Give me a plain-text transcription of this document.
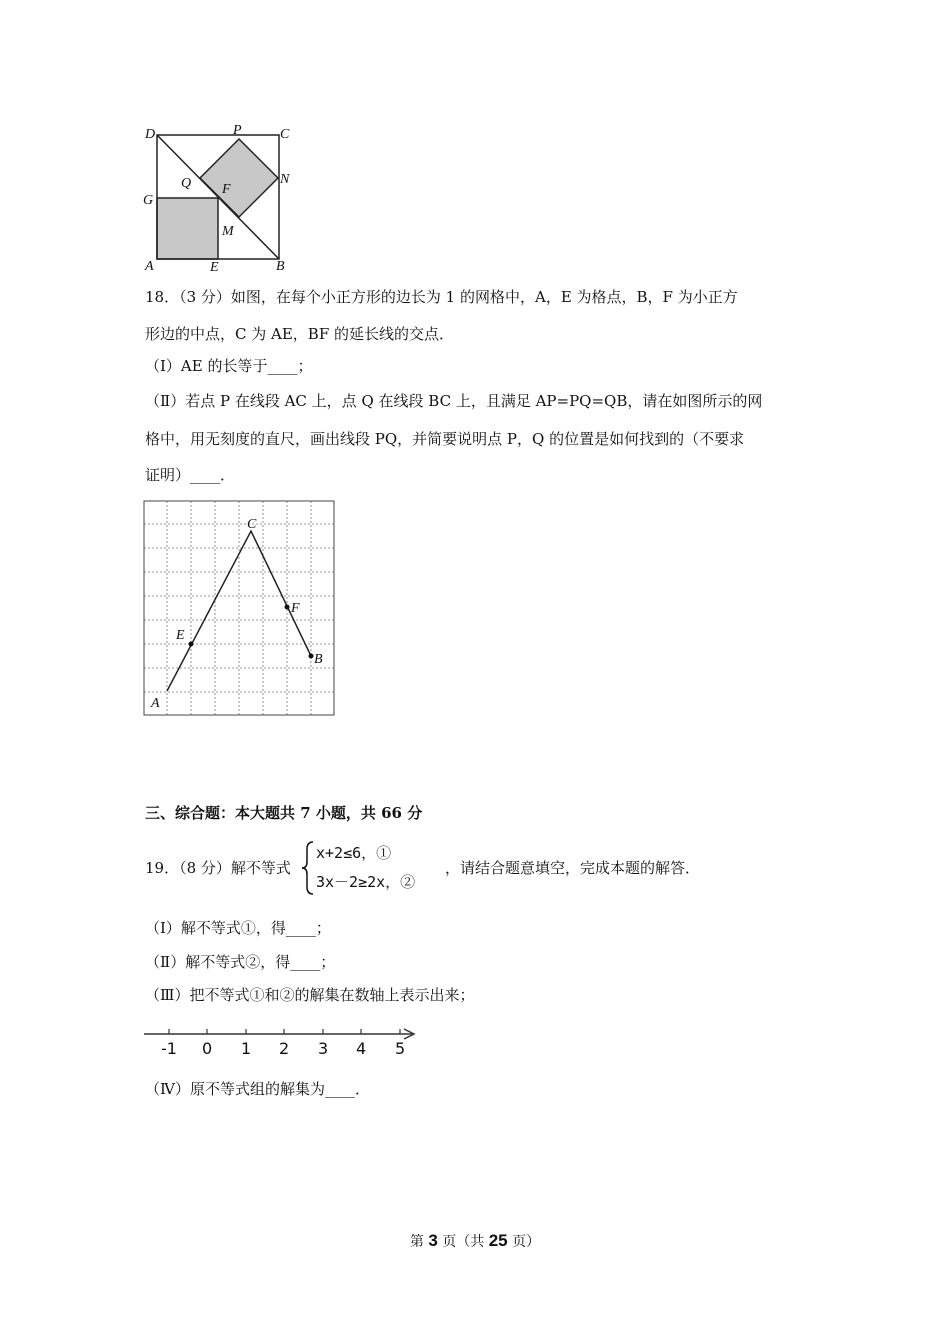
D	P	C
Q F
N
G
M
A	E	B
18．（3 分）如图，在每个小正方形的边长为 1 的网格中，A，E 为格点，B，F 为小正方
形边的中点，C 为 AE，BF 的延长线的交点．
（Ⅰ）AE 的长等于____；
（Ⅱ）若点 P 在线段 AC 上，点 Q 在线段 BC 上，且满足 AP=PQ=QB，请在如图所示的网
格中，用无刻度的直尺，画出线段 PQ，并简要说明点 P，Q 的位置是如何找到的（不要求
证明）____．
C
F
E
B
A
三、综合题：本大题共 7 小题，共 66 分
19．（8 分）解不等式
x+2≤6，①
3x－2≥2x，②
，请结合题意填空，完成本题的解答．
（Ⅰ）解不等式①，得____；
（Ⅱ）解不等式②，得____；
（Ⅲ）把不等式①和②的解集在数轴上表示出来；
-1 0 1 2 3 4 5
（Ⅳ）原不等式组的解集为____．
第 3 页（共 25 页）
